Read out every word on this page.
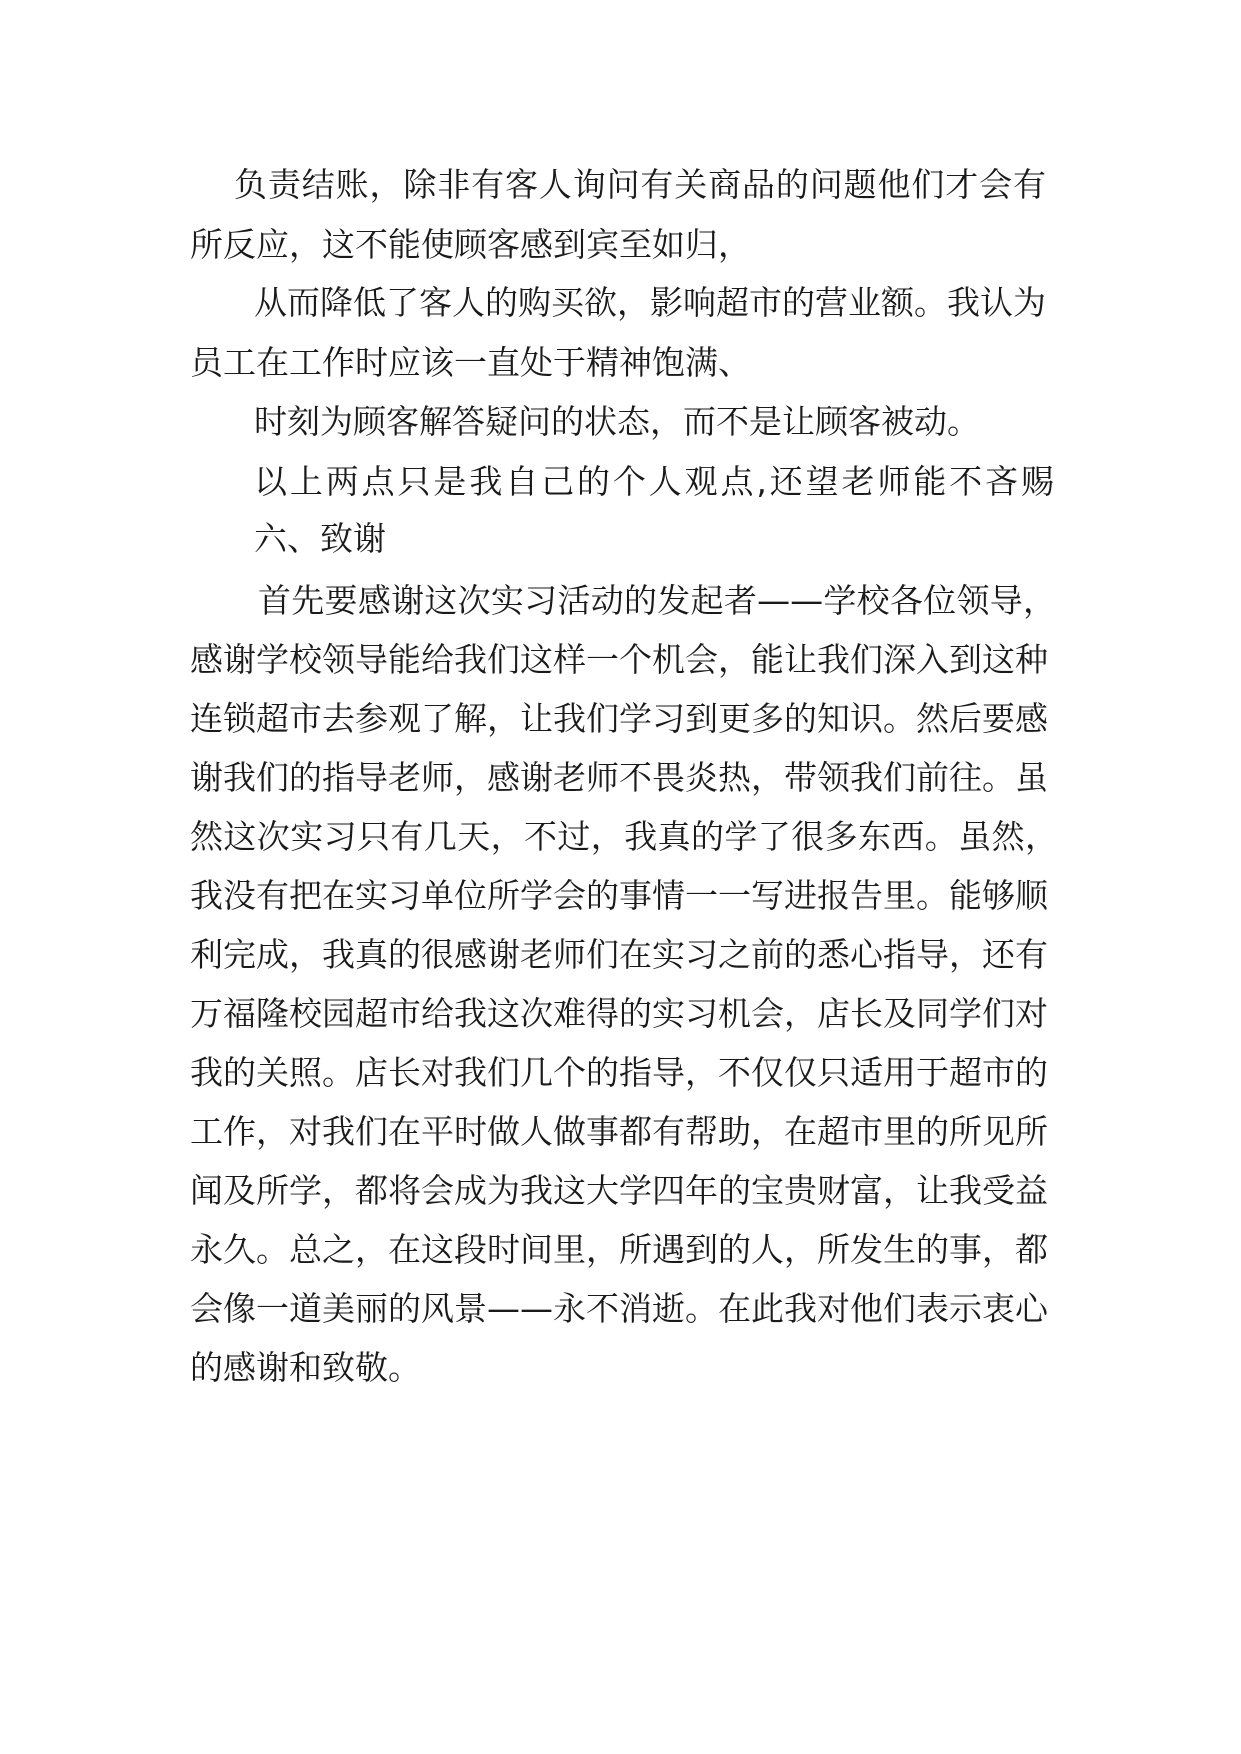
负责结账，除非有客人询问有关商品的问题他们才会有

所反应，这不能使顾客感到宾至如归，

从而降低了客人的购买欲，影响超市的营业额。我认为

员工在工作时应该一直处于精神饱满、

时刻为顾客解答疑问的状态，而不是让顾客被动。

以上两点只是我自己的个人观点,还望老师能不吝赐

六、致谢

首先要感谢这次实习活动的发起者——学校各位领导，

感谢学校领导能给我们这样一个机会，能让我们深入到这种

连锁超市去参观了解，让我们学习到更多的知识。然后要感

谢我们的指导老师，感谢老师不畏炎热，带领我们前往。虽

然这次实习只有几天，不过，我真的学了很多东西。虽然，

我没有把在实习单位所学会的事情一一写进报告里。能够顺

利完成，我真的很感谢老师们在实习之前的悉心指导，还有

万福隆校园超市给我这次难得的实习机会，店长及同学们对

我的关照。店长对我们几个的指导，不仅仅只适用于超市的

工作，对我们在平时做人做事都有帮助，在超市里的所见所

闻及所学，都将会成为我这大学四年的宝贵财富，让我受益

永久。总之，在这段时间里，所遇到的人，所发生的事，都

会像一道美丽的风景——永不消逝。在此我对他们表示衷心

的感谢和致敬。
